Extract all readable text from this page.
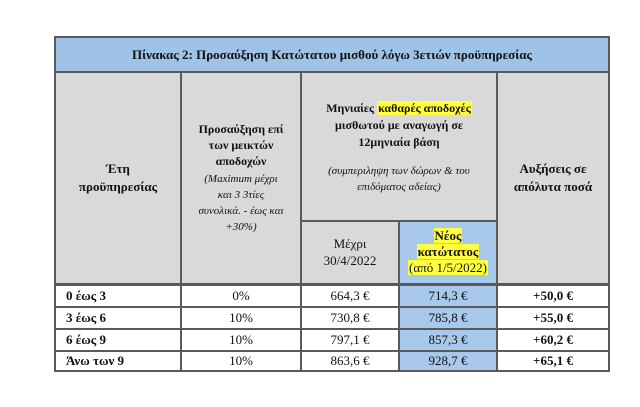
Πίνακας 2: Προσαύξηση Κατώτατου μισθού λόγω 3ετιών προϋπηρεσίας
Έτη
προϋπηρεσίας
Προσαύξηση επί
των μεικτών
αποδοχών
(Maximum μέχρι
και 3 3τίες
συνολικά. - έως και
+30%)
Μηνιαίες καθαρές αποδοχές
μισθωτού με αναγωγή σε
12μηνιαία βάση
(συμπεριληψη των δώρων & του
επιδόματος αδείας)
Μέχρι
30/4/2022
Νέος
κατώτατος
(από 1/5/2022)
Αυξήσεις σε
απόλυτα ποσά
0 έως 3	0%	664,3 €	714,3 €	+50,0 €
3 έως 6	10%	730,8 €	785,8 €	+55,0 €
6 έως 9	10%	797,1 €	857,3 €	+60,2 €
Άνω των 9	10%	863,6 €	928,7 €	+65,1 €
